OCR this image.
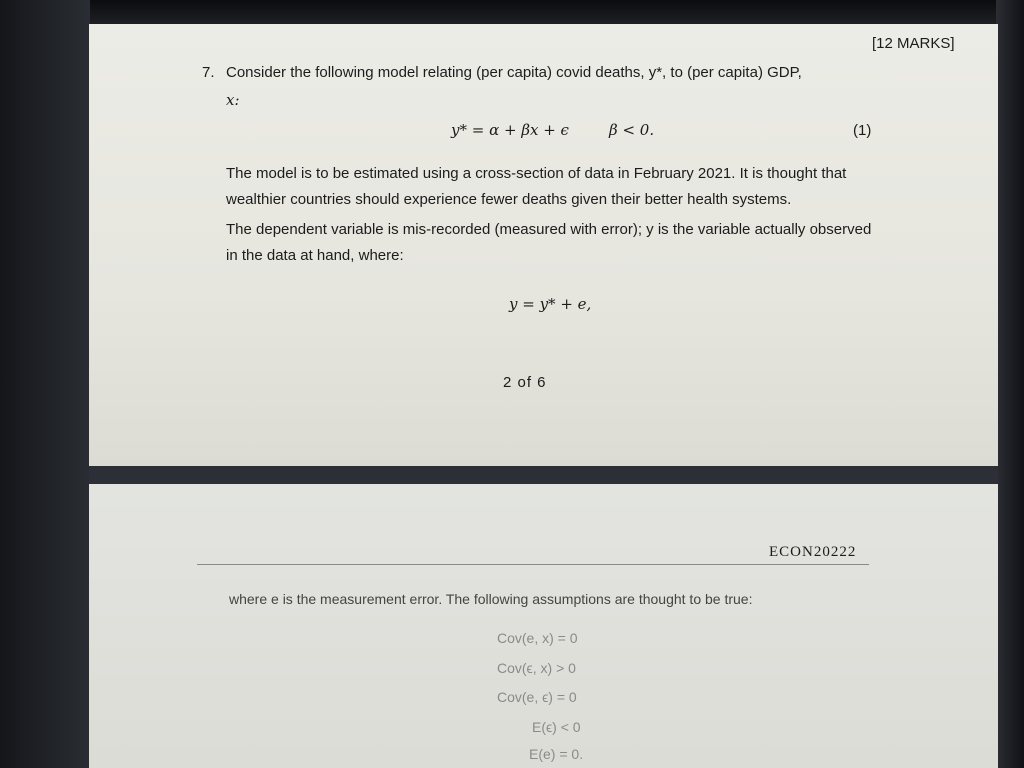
[12 MARKS]
7. Consider the following model relating (per capita) covid deaths, y*, to (per capita) GDP,
x:
y* = α + βx + ϵ	β < 0.	(1)
The model is to be estimated using a cross-section of data in February 2021. It is thought that wealthier countries should experience fewer deaths given their better health systems.
The dependent variable is mis-recorded (measured with error); y is the variable actually observed in the data at hand, where:
y = y* + e,
2 of 6
ECON20222
where e is the measurement error. The following assumptions are thought to be true:
Cov(e, x) = 0
Cov(ϵ, x) > 0
Cov(e, ϵ) = 0
E(ϵ) < 0
E(e) = 0.
